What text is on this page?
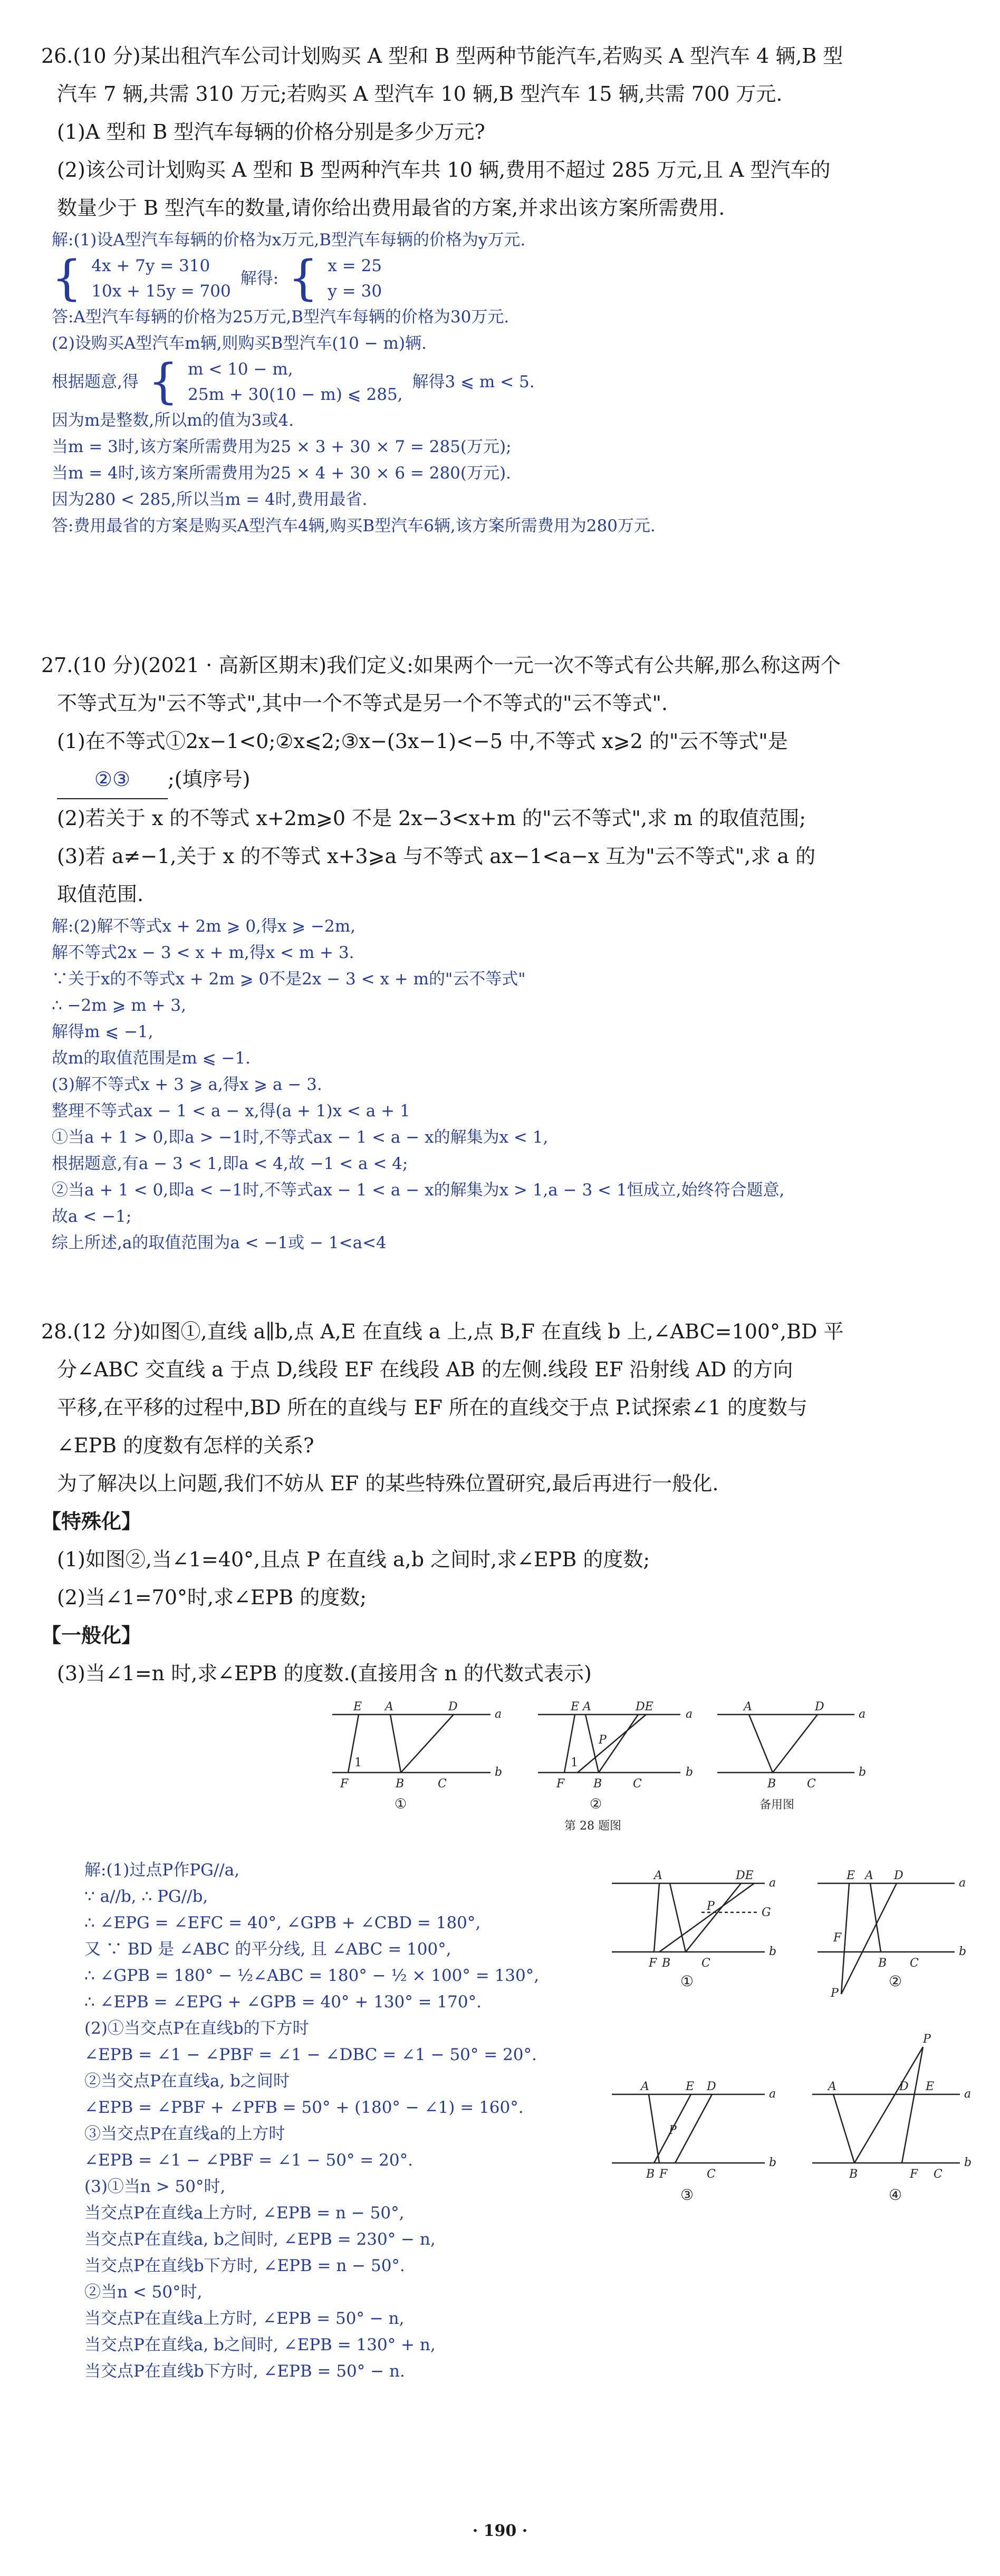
26.(10 分)某出租汽车公司计划购买 A 型和 B 型两种节能汽车,若购买 A 型汽车 4 辆,B 型

汽车 7 辆,共需 310 万元;若购买 A 型汽车 10 辆,B 型汽车 15 辆,共需 700 万元.

(1)A 型和 B 型汽车每辆的价格分别是多少万元?

(2)该公司计划购买 A 型和 B 型两种汽车共 10 辆,费用不超过 285 万元,且 A 型汽车的

数量少于 B 型汽车的数量,请你给出费用最省的方案,并求出该方案所需费用.

解:(1)设A型汽车每辆的价格为x万元,B型汽车每辆的价格为y万元.
{ 4x + 7y = 310
10x + 15y = 700
解得: { x = 25
y = 30
答:A型汽车每辆的价格为25万元,B型汽车每辆的价格为30万元.
(2)设购买A型汽车m辆,则购买B型汽车(10 − m)辆.
根据题意,得 { m < 10 − m,
25m + 30(10 − m) ⩽ 285,
解得3 ⩽ m < 5.
因为m是整数,所以m的值为3或4.
当m = 3时,该方案所需费用为25 × 3 + 30 × 7 = 285(万元);
当m = 4时,该方案所需费用为25 × 4 + 30 × 6 = 280(万元).
因为280 < 285,所以当m = 4时,费用最省.
答:费用最省的方案是购买A型汽车4辆,购买B型汽车6辆,该方案所需费用为280万元.

27.(10 分)(2021 · 高新区期末)我们定义:如果两个一元一次不等式有公共解,那么称这两个

不等式互为"云不等式",其中一个不等式是另一个不等式的"云不等式".

(1)在不等式①2x−1<0;②x⩽2;③x−(3x−1)<−5 中,不等式 x⩾2 的"云不等式"是

②③ ;(填序号)

(2)若关于 x 的不等式 x+2m⩾0 不是 2x−3<x+m 的"云不等式",求 m 的取值范围;

(3)若 a≠−1,关于 x 的不等式 x+3⩾a 与不等式 ax−1<a−x 互为"云不等式",求 a 的

取值范围.

解:(2)解不等式x + 2m ⩾ 0,得x ⩾ −2m,
解不等式2x − 3 < x + m,得x < m + 3.
∵关于x的不等式x + 2m ⩾ 0不是2x − 3 < x + m的"云不等式"
∴ −2m ⩾ m + 3,
解得m ⩽ −1,
故m的取值范围是m ⩽ −1.
(3)解不等式x + 3 ⩾ a,得x ⩾ a − 3.
整理不等式ax − 1 < a − x,得(a + 1)x < a + 1
①当a + 1 > 0,即a > −1时,不等式ax − 1 < a − x的解集为x < 1,
根据题意,有a − 3 < 1,即a < 4,故 −1 < a < 4;
②当a + 1 < 0,即a < −1时,不等式ax − 1 < a − x的解集为x > 1,a − 3 < 1恒成立,始终符合题意,
故a < −1;
综上所述,a的取值范围为a < −1或 − 1<a<4

28.(12 分)如图①,直线 a∥b,点 A,E 在直线 a 上,点 B,F 在直线 b 上,∠ABC=100°,BD 平

分∠ABC 交直线 a 于点 D,线段 EF 在线段 AB 的左侧.线段 EF 沿射线 AD 的方向

平移,在平移的过程中,BD 所在的直线与 EF 所在的直线交于点 P.试探索∠1 的度数与

∠EPB 的度数有怎样的关系?

为了解决以上问题,我们不妨从 EF 的某些特殊位置研究,最后再进行一般化.

【特殊化】

(1)如图②,当∠1=40°,且点 P 在直线 a,b 之间时,求∠EPB 的度数;

(2)当∠1=70°时,求∠EPB 的度数;

【一般化】

(3)当∠1=n 时,求∠EPB 的度数.(直接用含 n 的代数式表示)

E A	D
a
F	B	C
b
1
E A	DE
a
F B	C
b
P
1
A	D
a
B	C
b
①	②	备用图
第 28 题图
解:(1)过点P作PG//a,
∵ a//b, ∴ PG//b,
∴ ∠EPG = ∠EFC = 40°, ∠GPB + ∠CBD = 180°,
又 ∵ BD 是 ∠ABC 的平分线, 且 ∠ABC = 100°,
∴ ∠GPB = 180° − ½∠ABC = 180° − ½ × 100° = 130°,
∴ ∠EPB = ∠EPG + ∠GPB = 40° + 130° = 170°.
(2)①当交点P在直线b的下方时
∠EPB = ∠1 − ∠PBF = ∠1 − ∠DBC = ∠1 − 50° = 20°.
②当交点P在直线a, b之间时
∠EPB = ∠PBF + ∠PFB = 50° + (180° − ∠1) = 160°.
③当交点P在直线a的上方时
∠EPB = ∠1 − ∠PBF = ∠1 − 50° = 20°.
(3)①当n > 50°时,
当交点P在直线a上方时, ∠EPB = n − 50°,
当交点P在直线a, b之间时, ∠EPB = 230° − n,
当交点P在直线b下方时, ∠EPB = n − 50°.
②当n < 50°时,
当交点P在直线a上方时, ∠EPB = 50° − n,
当交点P在直线a, b之间时, ∠EPB = 130° + n,
当交点P在直线b下方时, ∠EPB = 50° − n.
A	DE
a
P	G
F B	C
b
E A D
a
F
B C
b
P
A	E D
a
P
B F	C
b
A	D E
a
P
B	F C
b
①	②
③	④
· 190 ·
